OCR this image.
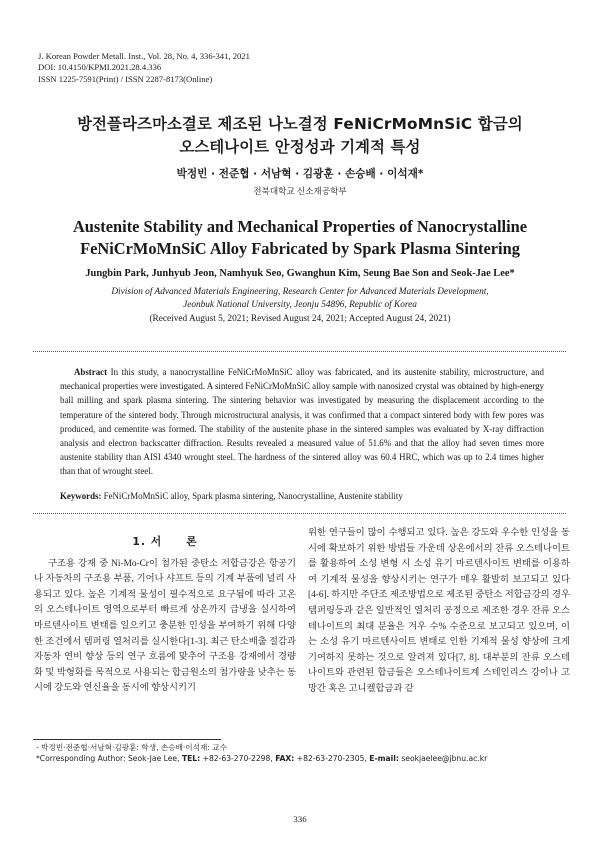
J. Korean Powder Metall. Inst., Vol. 28, No. 4, 336-341, 2021
DOI: 10.4150/KPMI.2021.28.4.336
ISSN 1225-7591(Print) / ISSN 2287-8173(Online)
방전플라즈마소결로 제조된 나노결정 FeNiCrMoMnSiC 합금의
오스테나이트 안정성과 기계적 특성
박정빈 · 전준협 · 서남혁 · 김광훈 · 손승배 · 이석재*
전북대학교 신소재공학부
Austenite Stability and Mechanical Properties of Nanocrystalline
FeNiCrMoMnSiC Alloy Fabricated by Spark Plasma Sintering
Jungbin Park, Junhyub Jeon, Namhyuk Seo, Gwanghun Kim, Seung Bae Son and Seok-Jae Lee*
Division of Advanced Materials Engineering, Research Center for Advanced Materials Development,
Jeonbuk National University, Jeonju 54896, Republic of Korea
(Received August 5, 2021; Revised August 24, 2021; Accepted August 24, 2021)
Abstract In this study, a nanocrystalline FeNiCrMoMnSiC alloy was fabricated, and its austenite stability, microstructure, and mechanical properties were investigated. A sintered FeNiCrMoMnSiC alloy sample with nanosized crystal was obtained by high-energy ball milling and spark plasma sintering. The sintering behavior was investigated by measuring the displacement according to the temperature of the sintered body. Through microstructural analysis, it was confirmed that a compact sintered body with few pores was produced, and cementite was formed. The stability of the austenite phase in the sintered samples was evaluated by X-ray diffraction analysis and electron backscatter diffraction. Results revealed a measured value of 51.6% and that the alloy had seven times more austenite stability than AISI 4340 wrought steel. The hardness of the sintered alloy was 60.4 HRC, which was up to 2.4 times higher than that of wrought steel.
Keywords: FeNiCrMoMnSiC alloy, Spark plasma sintering, Nanocrystalline, Austenite stability
1. 서 론
구조용 강재 중 Ni-Mo-Cr이 첨가된 중탄소 저합금강은 항공기나 자동차의 구조용 부품, 기어나 샤프트 등의 기계 부품에 널리 사용되고 있다. 높은 기계적 물성이 필수적으로 요구됨에 따라 고온의 오스테나이트 영역으로부터 빠르게 상온까지 급냉을 실시하여 마르텐사이트 변태를 일으키고 충분한 인성을 부여하기 위해 다양한 조건에서 템퍼링 열처리를 실시한다[1-3]. 최근 탄소배출 절감과 자동차 연비 향상 등의 연구 흐름에 맞추어 구조용 강재에서 경량화 및 박형화를 목적으로 사용되는 합금원소의 첨가량을 낮추는 동시에 강도와 연신율을 동시에 향상시키기
위한 연구들이 많이 수행되고 있다. 높은 강도와 우수한 인성을 동시에 확보하기 위한 방법들 가운데 상온에서의 잔류 오스테나이트를 활용하여 소성 변형 시 소성 유기 마르텐사이트 변태를 이용하여 기계적 물성을 향상시키는 연구가 매우 활발히 보고되고 있다[4-6]. 하지만 주단조 제조방법으로 제조된 중탄소 저합금강의 경우 템퍼링등과 같은 일반적인 열처리 공정으로 제조한 경우 잔류 오스테나이트의 최대 분율은 겨우 수% 수준으로 보고되고 있으며, 이는 소성 유기 마르텐사이트 변태로 인한 기계적 물성 향상에 크게 기여하지 못하는 것으로 알려져 있다[7, 8]. 대부분의 잔류 오스테나이트와 관련된 합금들은 오스테나이트계 스테인리스 강이나 고망간 혹은 고니켈합금과 같
- 박정빈·전준협·서남혁·김광훈: 학생, 손승배·이석재: 교수
*Corresponding Author: Seok-Jae Lee, TEL: +82-63-270-2298, FAX: +82-63-270-2305, E-mail: seokjaelee@jbnu.ac.kr
336
